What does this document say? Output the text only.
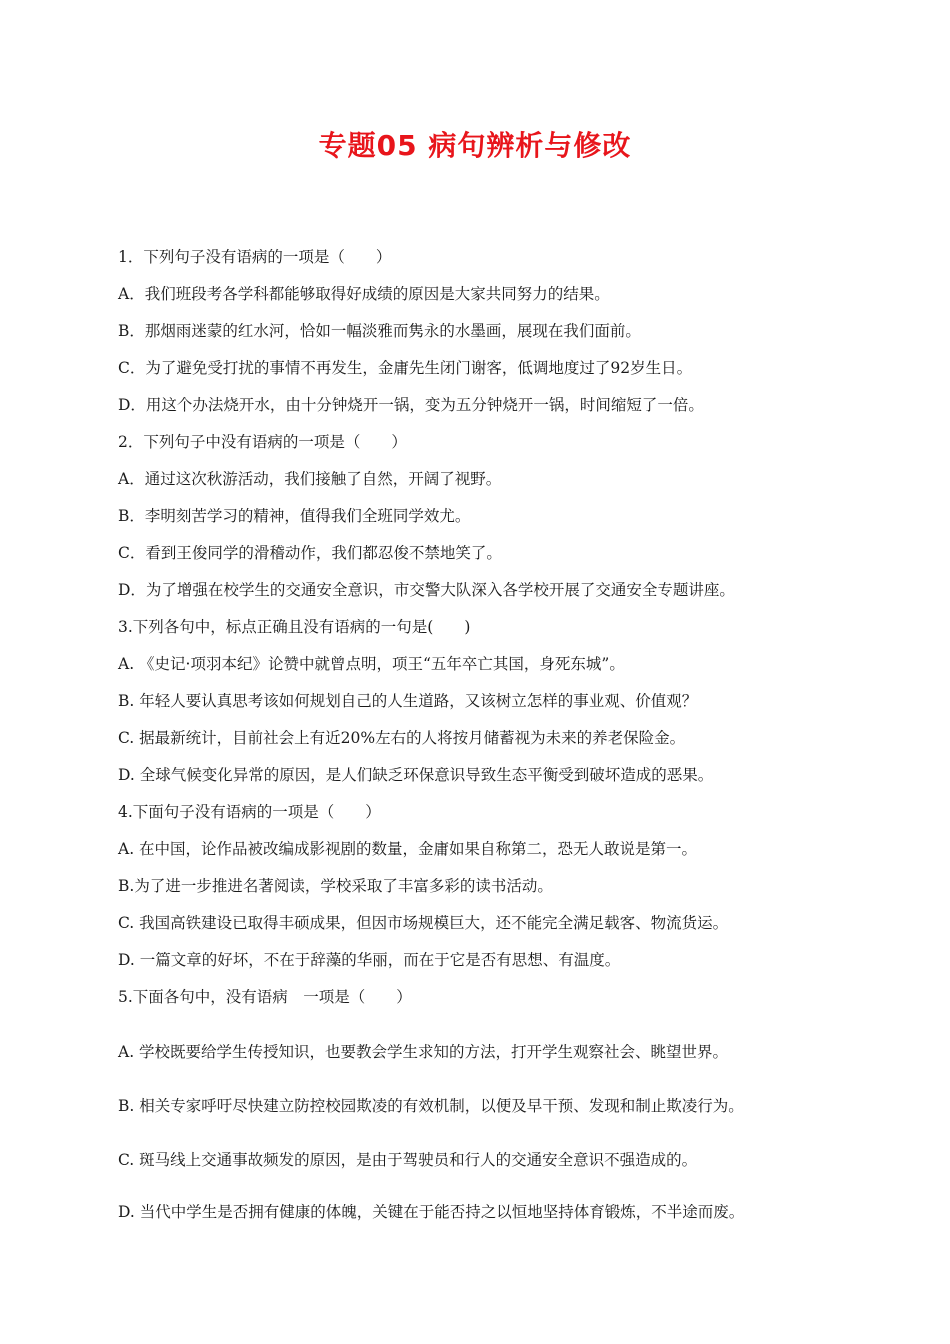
专题05 病句辨析与修改
1．下列句子没有语病的一项是（　　）
A．我们班段考各学科都能够取得好成绩的原因是大家共同努力的结果。
B．那烟雨迷蒙的红水河，恰如一幅淡雅而隽永的水墨画，展现在我们面前。
C．为了避免受打扰的事情不再发生，金庸先生闭门谢客，低调地度过了92岁生日。
D．用这个办法烧开水，由十分钟烧开一锅，变为五分钟烧开一锅，时间缩短了一倍。
2．下列句子中没有语病的一项是（　　）
A．通过这次秋游活动，我们接触了自然，开阔了视野。
B．李明刻苦学习的精神，值得我们全班同学效尤。
C．看到王俊同学的滑稽动作，我们都忍俊不禁地笑了。
D．为了增强在校学生的交通安全意识，市交警大队深入各学校开展了交通安全专题讲座。
3.下列各句中，标点正确且没有语病的一句是(　　)
A. 《史记·项羽本纪》论赞中就曾点明，项王“五年卒亡其国，身死东城”。
B. 年轻人要认真思考该如何规划自己的人生道路，又该树立怎样的事业观、价值观？
C. 据最新统计，目前社会上有近20%左右的人将按月储蓄视为未来的养老保险金。
D. 全球气候变化异常的原因，是人们缺乏环保意识导致生态平衡受到破坏造成的恶果。
4.下面句子没有语病的一项是（　　）
A. 在中国，论作品被改编成影视剧的数量，金庸如果自称第二，恐无人敢说是第一。
B.为了进一步推进名著阅读，学校采取了丰富多彩的读书活动。
C. 我国高铁建设已取得丰硕成果，但因市场规模巨大，还不能完全满足载客、物流货运。
D. 一篇文章的好坏，不在于辞藻的华丽，而在于它是否有思想、有温度。
5.下面各句中，没有语病　一项是（　　）
A. 学校既要给学生传授知识，也要教会学生求知的方法，打开学生观察社会、眺望世界。
B. 相关专家呼吁尽快建立防控校园欺凌的有效机制，以便及早干预、发现和制止欺凌行为。
C. 斑马线上交通事故频发的原因，是由于驾驶员和行人的交通安全意识不强造成的。
D. 当代中学生是否拥有健康的体魄，关键在于能否持之以恒地坚持体育锻炼，不半途而废。
